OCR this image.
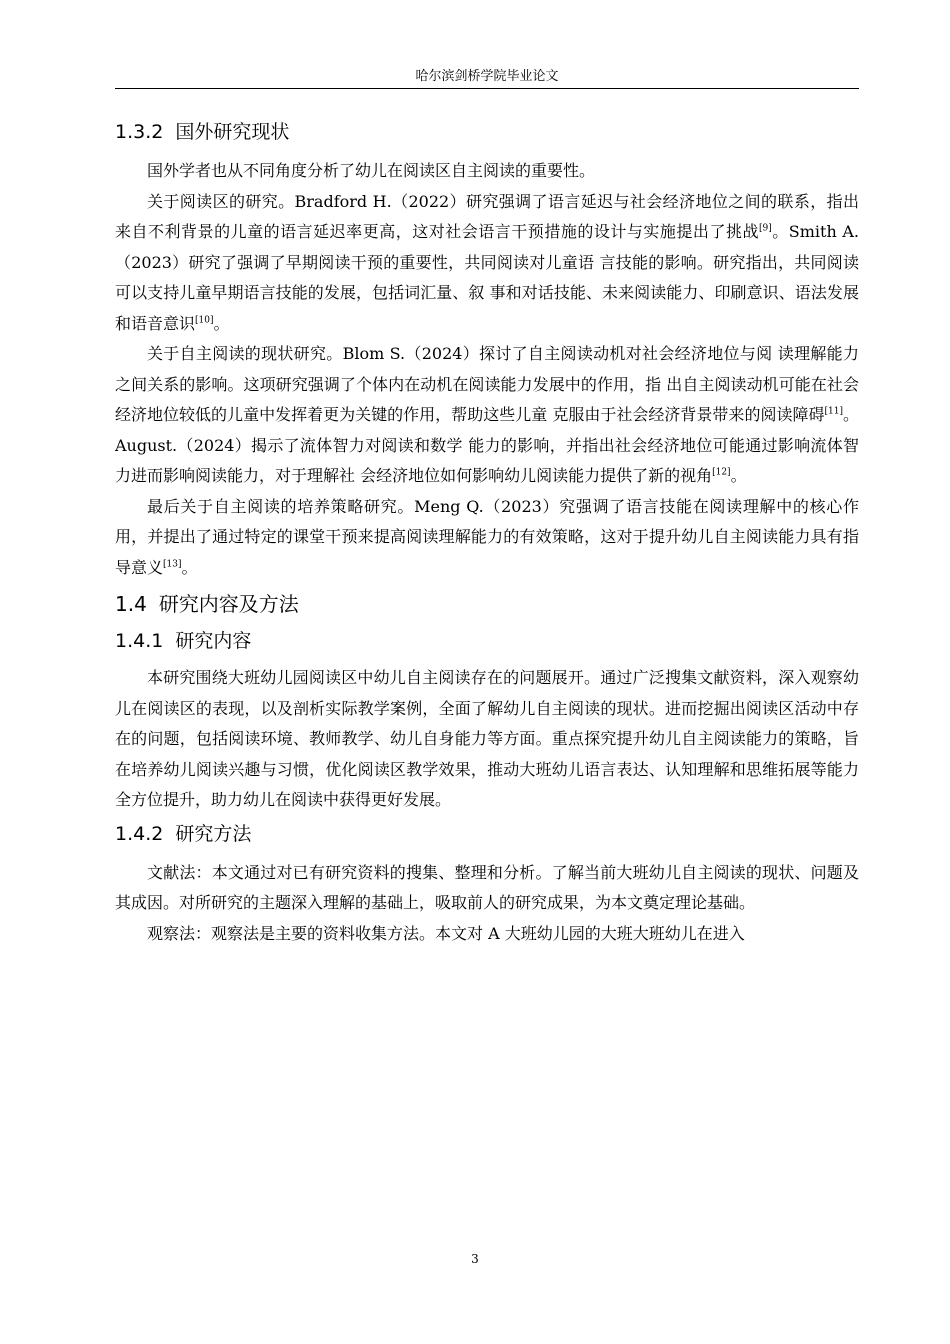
哈尔滨剑桥学院毕业论文
1.3.2 国外研究现状

国外学者也从不同角度分析了幼儿在阅读区自主阅读的重要性。

关于阅读区的研究。Bradford H.（2022）研究强调了语言延迟与社会经济地位之间的联系，指出来自不利背景的儿童的语言延迟率更高，这对社会语言干预措施的设计与实施提出了挑战[9]。Smith A.（2023）研究了强调了早期阅读干预的重要性，共同阅读对儿童语 言技能的影响。研究指出，共同阅读可以支持儿童早期语言技能的发展，包括词汇量、叙 事和对话技能、未来阅读能力、印刷意识、语法发展和语音意识[10]。

关于自主阅读的现状研究。Blom S.（2024）探讨了自主阅读动机对社会经济地位与阅 读理解能力之间关系的影响。这项研究强调了个体内在动机在阅读能力发展中的作用，指 出自主阅读动机可能在社会经济地位较低的儿童中发挥着更为关键的作用，帮助这些儿童 克服由于社会经济背景带来的阅读障碍[11]。August.（2024）揭示了流体智力对阅读和数学 能力的影响，并指出社会经济地位可能通过影响流体智 力进而影响阅读能力，对于理解社 会经济地位如何影响幼儿阅读能力提供了新的视角[12]。

最后关于自主阅读的培养策略研究。Meng Q.（2023）究强调了语言技能在阅读理解中的核心作用，并提出了通过特定的课堂干预来提高阅读理解能力的有效策略，这对于提升幼儿自主阅读能力具有指导意义[13]。

1.4 研究内容及方法
1.4.1 研究内容

本研究围绕大班幼儿园阅读区中幼儿自主阅读存在的问题展开。通过广泛搜集文献资料，深入观察幼儿在阅读区的表现，以及剖析实际教学案例，全面了解幼儿自主阅读的现状。进而挖掘出阅读区活动中存在的问题，包括阅读环境、教师教学、幼儿自身能力等方面。重点探究提升幼儿自主阅读能力的策略，旨在培养幼儿阅读兴趣与习惯，优化阅读区教学效果，推动大班幼儿语言表达、认知理解和思维拓展等能力全方位提升，助力幼儿在阅读中获得更好发展。

1.4.2 研究方法

文献法：本文通过对已有研究资料的搜集、整理和分析。了解当前大班幼儿自主阅读的现状、问题及其成因。对所研究的主题深入理解的基础上，吸取前人的研究成果，为本文奠定理论基础。

观察法：观察法是主要的资料收集方法。本文对 A 大班幼儿园的大班大班幼儿在进入

3
